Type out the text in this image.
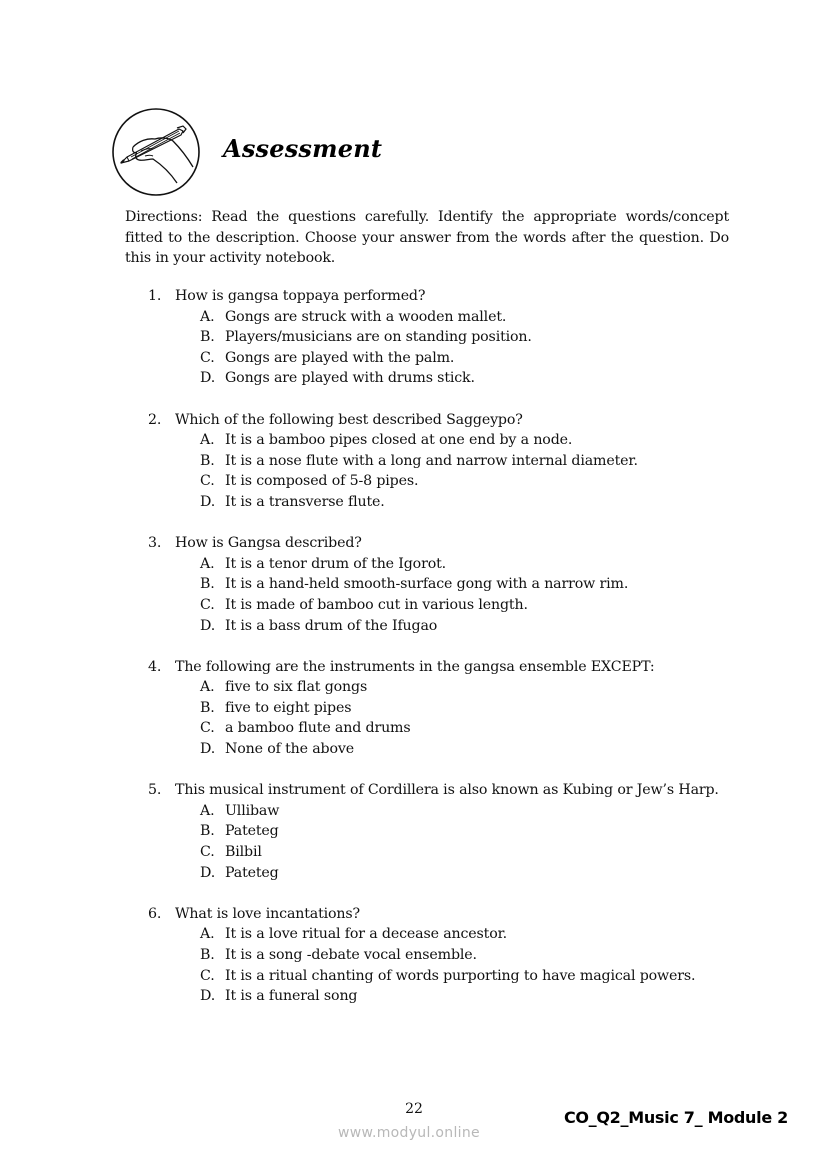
Assessment

Directions: Read the questions carefully. Identify the appropriate words/concept fitted to the description. Choose your answer from the words after the question. Do this in your activity notebook.

1. How is gangsa toppaya performed?
A. Gongs are struck with a wooden mallet.
B. Players/musicians are on standing position.
C. Gongs are played with the palm.
D. Gongs are played with drums stick.
2. Which of the following best described Saggeypo?
A. It is a bamboo pipes closed at one end by a node.
B. It is a nose flute with a long and narrow internal diameter.
C. It is composed of 5-8 pipes.
D. It is a transverse flute.
3. How is Gangsa described?
A. It is a tenor drum of the Igorot.
B. It is a hand-held smooth-surface gong with a narrow rim.
C. It is made of bamboo cut in various length.
D. It is a bass drum of the Ifugao
4. The following are the instruments in the gangsa ensemble EXCEPT:
A. five to six flat gongs
B. five to eight pipes
C. a bamboo flute and drums
D. None of the above
5. This musical instrument of Cordillera is also known as Kubing or Jew’s Harp.
A. Ullibaw
B. Pateteg
C. Bilbil
D. Pateteg
6. What is love incantations?
A. It is a love ritual for a decease ancestor.
B. It is a song -debate vocal ensemble.
C. It is a ritual chanting of words purporting to have magical powers.
D. It is a funeral song
22
www.modyul.online
CO_Q2_Music 7_ Module 2
